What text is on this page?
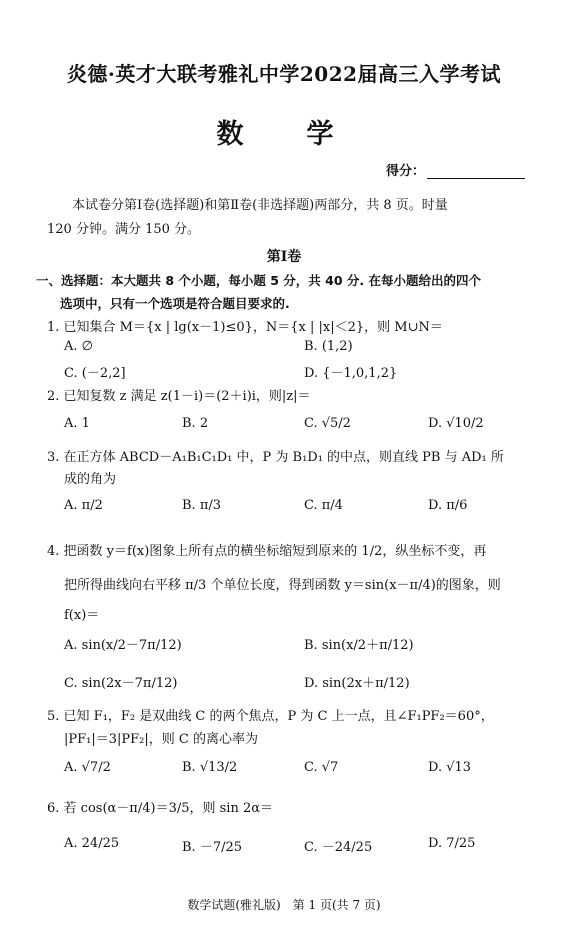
炎德·英才大联考雅礼中学2022届高三入学考试
数　学
得分：
本试卷分第Ⅰ卷(选择题)和第Ⅱ卷(非选择题)两部分，共 8 页。时量
120 分钟。满分 150 分。
第Ⅰ卷
一、选择题：本大题共 8 个小题，每小题 5 分，共 40 分. 在每小题给出的四个
选项中，只有一个选项是符合题目要求的.
1. 已知集合 M＝{x | lg(x－1)≤0}，N＝{x | |x|＜2}，则 M∪N＝
A. ∅	B. (1,2)
C. (－2,2]	D. {－1,0,1,2}
2. 已知复数 z 满足 z(1－i)＝(2＋i)i，则|z|＝
A. 1	B. 2	C. √5/2	D. √10/2
3. 在正方体 ABCD－A₁B₁C₁D₁ 中，P 为 B₁D₁ 的中点，则直线 PB 与 AD₁ 所
成的角为
A. π/2	B. π/3	C. π/4	D. π/6
4. 把函数 y＝f(x)图象上所有点的横坐标缩短到原来的 1/2，纵坐标不变，再
把所得曲线向右平移 π/3 个单位长度，得到函数 y＝sin(x－π/4)的图象，则
f(x)＝
A. sin(x/2－7π/12)	B. sin(x/2＋π/12)
C. sin(2x－7π/12)	D. sin(2x＋π/12)
5. 已知 F₁，F₂ 是双曲线 C 的两个焦点，P 为 C 上一点，且∠F₁PF₂＝60°，
|PF₁|＝3|PF₂|，则 C 的离心率为
A. √7/2	B. √13/2	C. √7	D. √13
6. 若 cos(α－π/4)＝3/5，则 sin 2α＝
A. 24/25	B. －7/25	C. －24/25	D. 7/25
数学试题(雅礼版)　第 1 页(共 7 页)
